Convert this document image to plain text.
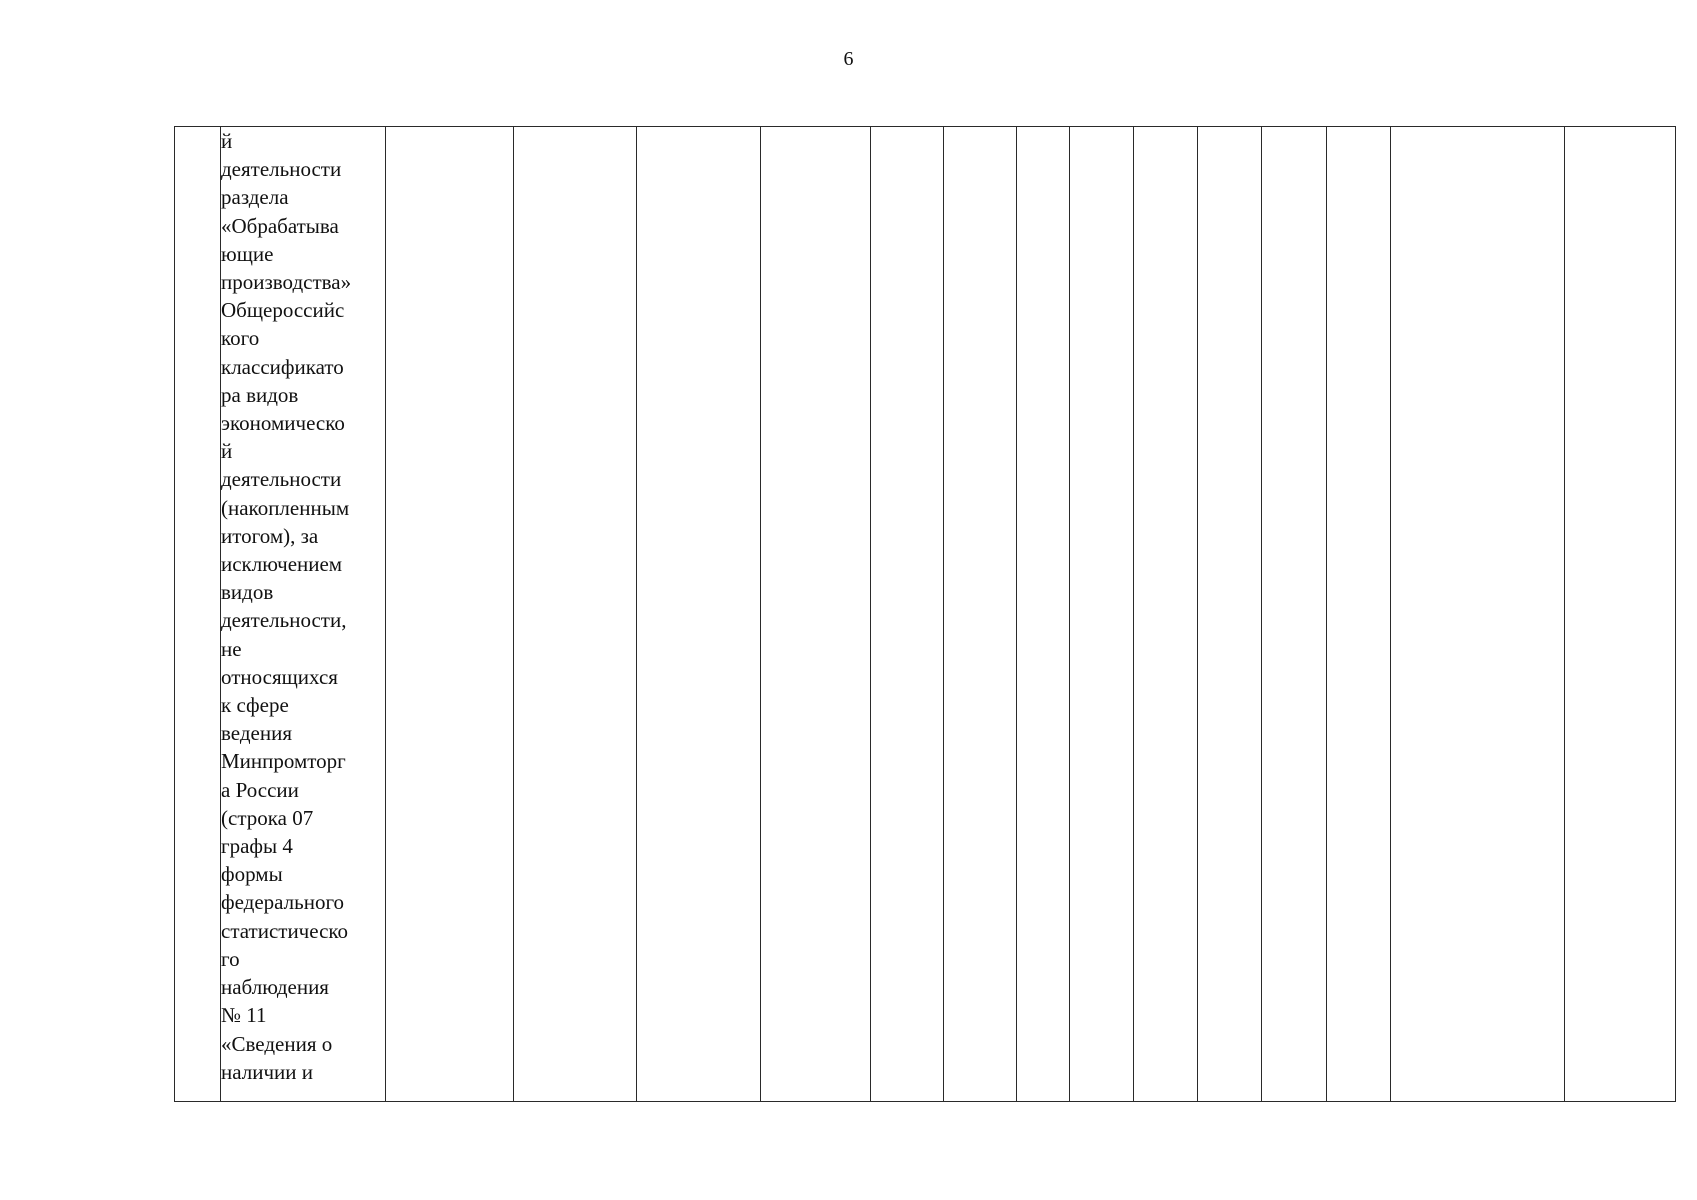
6
	й
деятельности
раздела
«Обрабатыва
ющие
производства»
Общероссийс
кого
классификато
ра видов
экономическо
й
деятельности
(накопленным
итогом), за
исключением
видов
деятельности,
не
относящихся
к сфере
ведения
Минпромторг
а России
(строка 07
графы 4
формы
федерального
статистическо
го
наблюдения
№ 11
«Сведения о
наличии и														
